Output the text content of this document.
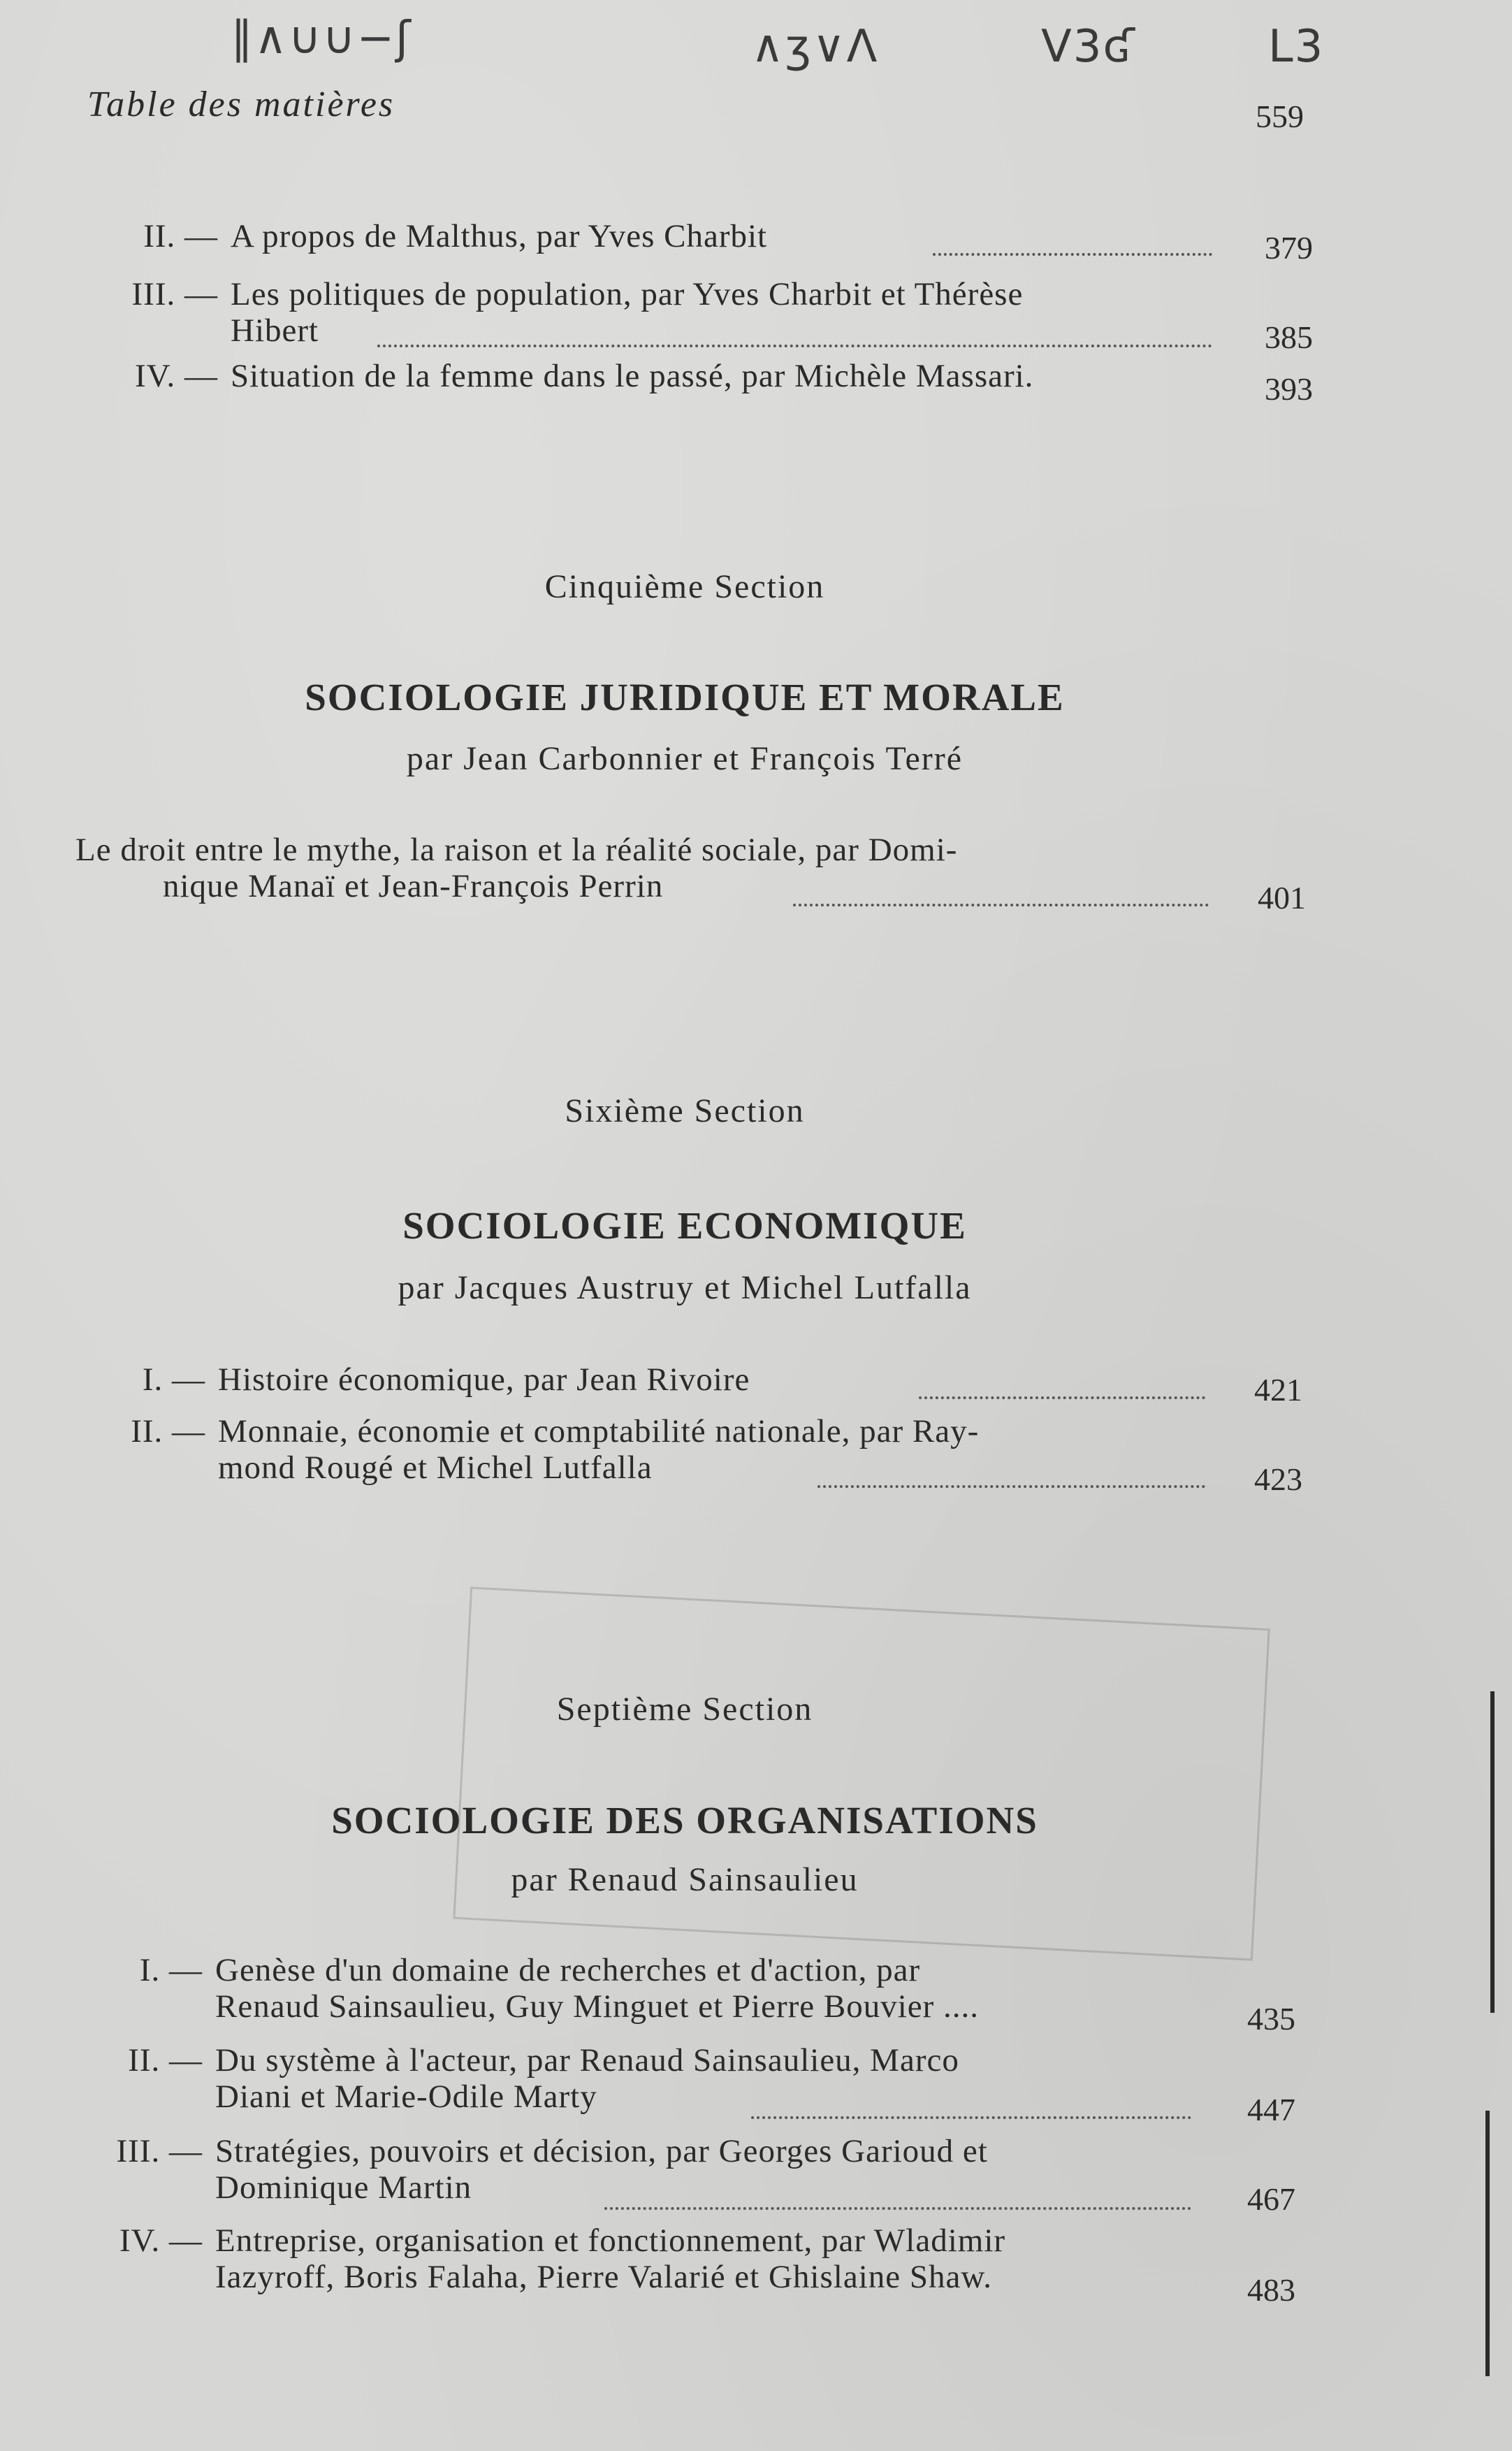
∥∧∪∪−ʃ	∧ʒ∨Ʌ	V3ʛ	L3
Table des matières	559
II. — A propos de Malthus, par Yves Charbit	379
III. — Les politiques de population, par Yves Charbit et Thérèse
Hibert	385
IV. — Situation de la femme dans le passé, par Michèle Massari.	393
Cinquième Section
SOCIOLOGIE JURIDIQUE ET MORALE
par Jean Carbonnier et François Terré
Le droit entre le mythe, la raison et la réalité sociale, par Domi-
nique Manaï et Jean-François Perrin	401
Sixième Section
SOCIOLOGIE ECONOMIQUE
par Jacques Austruy et Michel Lutfalla
I. — Histoire économique, par Jean Rivoire	421
II. — Monnaie, économie et comptabilité nationale, par Ray-
mond Rougé et Michel Lutfalla	423
Septième Section
SOCIOLOGIE DES ORGANISATIONS
par Renaud Sainsaulieu
I. — Genèse d'un domaine de recherches et d'action, par
Renaud Sainsaulieu, Guy Minguet et Pierre Bouvier ....	435
II. — Du système à l'acteur, par Renaud Sainsaulieu, Marco
Diani et Marie-Odile Marty	447
III. — Stratégies, pouvoirs et décision, par Georges Garioud et
Dominique Martin	467
IV. — Entreprise, organisation et fonctionnement, par Wladimir
Iazyroff, Boris Falaha, Pierre Valarié et Ghislaine Shaw.	483
